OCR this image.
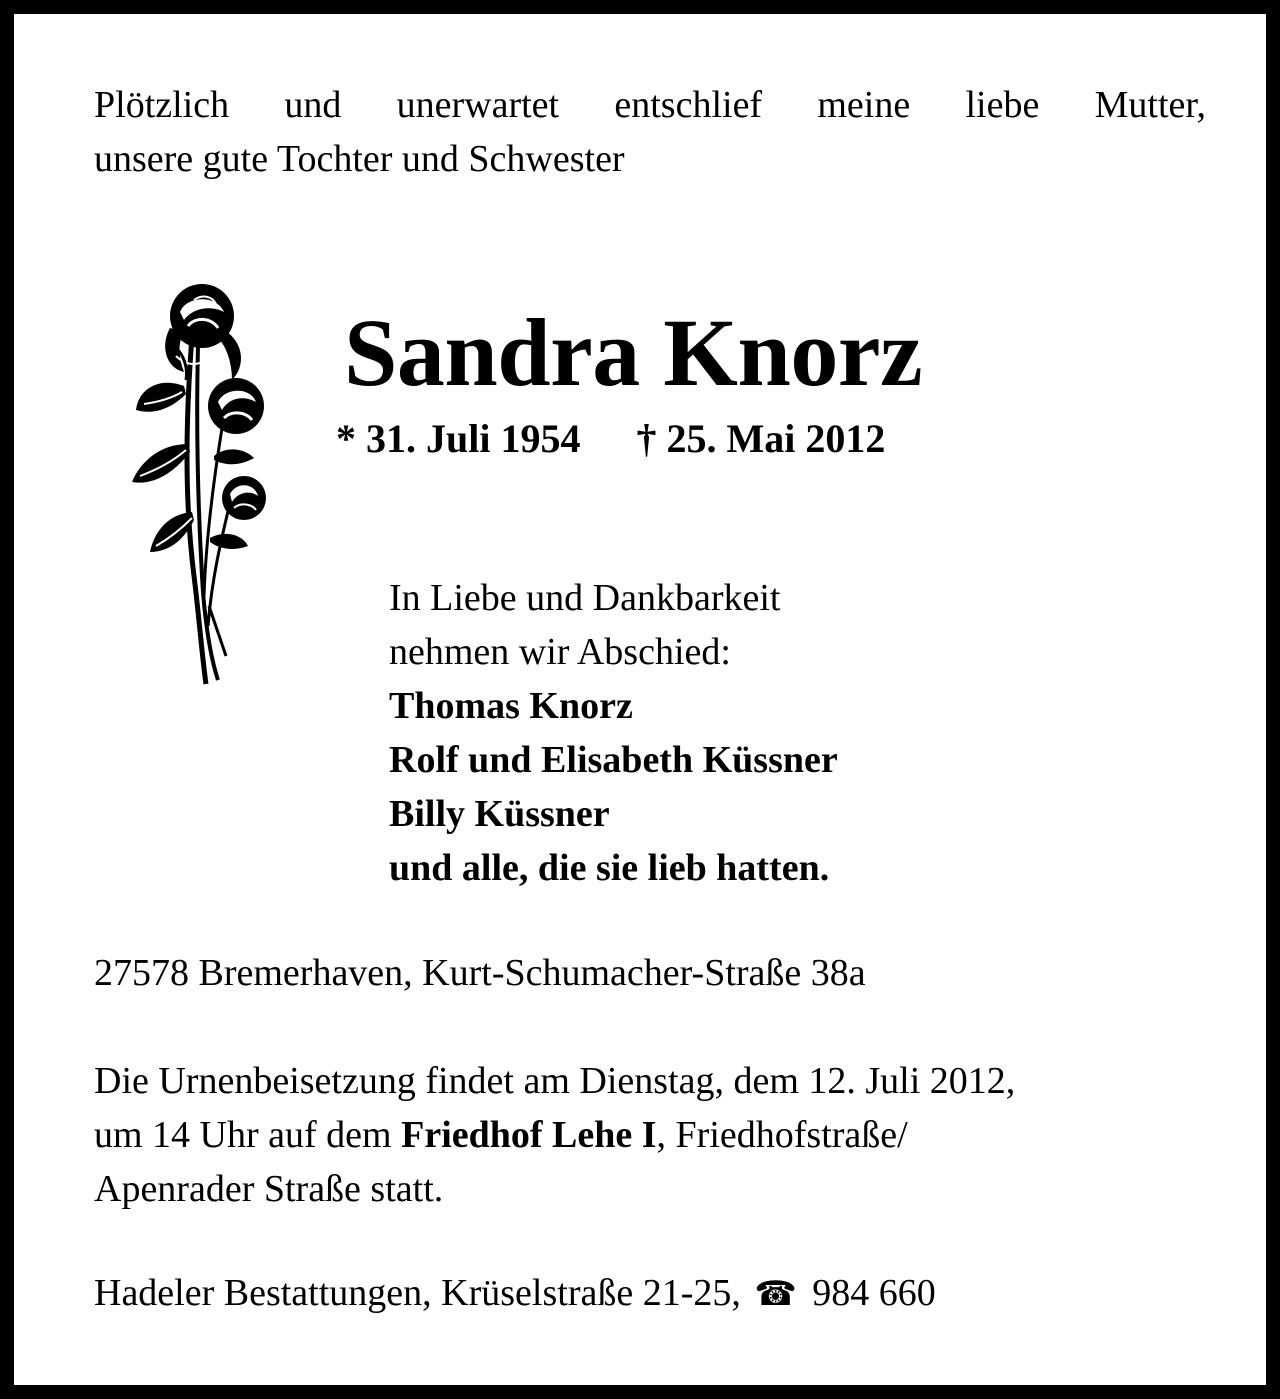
Plötzlich und unerwartet entschlief meine liebe Mutter,
unsere gute Tochter und Schwester
Sandra Knorz
* 31. Juli 1954 † 25. Mai 2012
In Liebe und Dankbarkeit
nehmen wir Abschied:
Thomas Knorz
Rolf und Elisabeth Küssner
Billy Küssner
und alle, die sie lieb hatten.
27578 Bremerhaven, Kurt-Schumacher-Straße 38a
Die Urnenbeisetzung findet am Dienstag, dem 12. Juli 2012,
um 14 Uhr auf dem Friedhof Lehe I, Friedhofstraße/
Apenrader Straße statt.
Hadeler Bestattungen, Krüselstraße 21-25, ☎ 984 660
